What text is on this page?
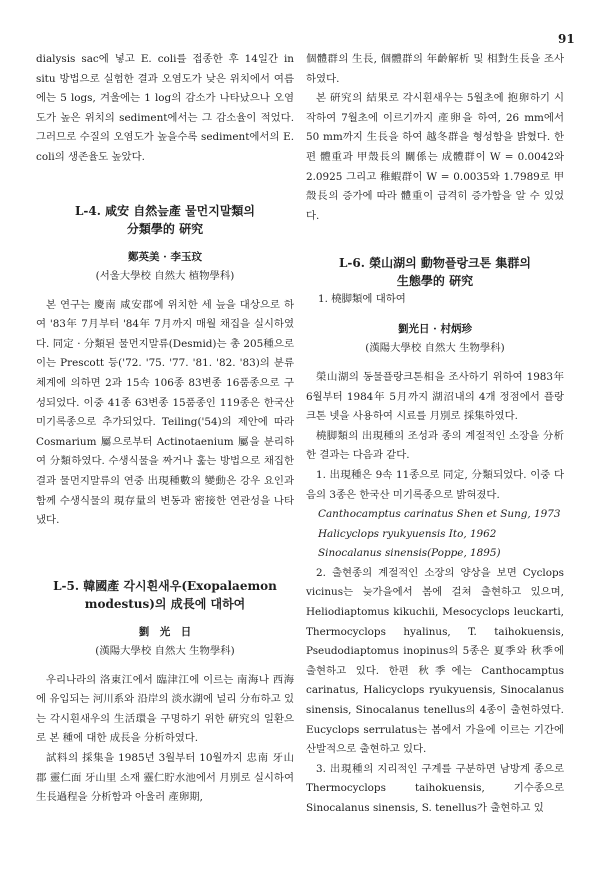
91

dialysis sac에 넣고 E. coli를 접종한 후 14일간 in situ 방법으로 실험한 결과 오염도가 낮은 위치에서 여름에는 5 logs, 겨울에는 1 log의 감소가 나타났으나 오염도가 높은 위치의 sediment에서는 그 감소율이 적었다. 그러므로 수질의 오염도가 높을수록 sediment에서의 E. coli의 생존율도 높았다.

L-4. 咸安 自然늪產 물먼지말類의

分類學的 硏究

鄭英美 · 李玉玟

(서울大學校 自然大 植物學科)

본 연구는 慶南 咸安郡에 위치한 세 늪을 대상으로 하여 '83年 7月부터 '84年 7月까지 매월 채집을 실시하였다. 同定 · 分類된 물먼지말류(Desmid)는 총 205種으로 이는 Prescott 등('72. '75. '77. '81. '82. '83)의 분류체계에 의하면 2과 15속 106종 83변종 16품종으로 구성되었다. 이중 41종 63변종 15품종인 119종은 한국산 미기록종으로 추가되었다. Teiling('54)의 제안에 따라 Cosmarium 屬으로부터 Actinotaenium 屬을 분리하여 分類하였다. 수생식물을 짜거나 훑는 방법으로 채집한 결과 물먼지말류의 연중 出現種數의 變動은 강우 요인과 함께 수생식물의 現存量의 변동과 密接한 연관성을 나타냈다.

L-5. 韓國產 각시흰새우(Exopalaemon

modestus)의 成長에 대하여

劉　光　日

(漢陽大學校 自然大 生物學科)

우리나라의 洛東江에서 臨津江에 이르는 南海나 西海에 유입되는 河川系와 沿岸의 淡水湖에 널리 分布하고 있는 각시흰새우의 生活環을 구명하기 위한 硏究의 일환으로 본 種에 대한 成長을 分析하였다.

試料의 採集을 1985년 3월부터 10월까지 忠南 牙山郡 靈仁面 牙山里 소재 靈仁貯水池에서 月別로 실시하여 生長過程을 分析함과 아울러 產卵期,

個體群의 生長, 個體群의 年齡解析 및 相對生長을 조사하였다.

본 硏究의 結果로 각시흰새우는 5월초에 抱卵하기 시작하여 7월초에 이르기까지 產卵을 하여, 26 mm에서 50 mm까지 生長을 하여 越冬群을 형성함을 밝혔다. 한편 體重과 甲殼長의 關係는 成體群이 W = 0.0042와 2.0925 그리고 稚蝦群이 W = 0.0035와 1.7989로 甲殼長의 증가에 따라 體重이 급격히 증가함을 알 수 있었다.

L-6. 榮山湖의 動物플랑크톤 集群의

生態學的 硏究

1. 橈脚類에 대하여

劉光日 · 村炳珍

(漢陽大學校 自然大 生物學科)

榮山湖의 동물플랑크톤相을 조사하기 위하여 1983年 6월부터 1984年 5月까지 湖沼내의 4개 정점에서 플랑크톤 넷을 사용하여 시료를 月別로 採集하였다.

橈脚類의 出現種의 조성과 종의 계절적인 소장을 分析한 결과는 다음과 같다.

1. 出現種은 9속 11종으로 同定, 分類되었다. 이중 다음의 3종은 한국산 미기록종으로 밝혀졌다.

Canthocamptus carinatus Shen et Sung, 1973

Halicyclops ryukyuensis Ito, 1962

Sinocalanus sinensis(Poppe, 1895)

2. 출현종의 계절적인 소장의 양상을 보면 Cyclops vicinus는 늦가을에서 봄에 걸쳐 출현하고 있으며, Heliodiaptomus kikuchii, Mesocyclops leuckarti, Thermocyclops hyalinus, T. taihokuensis, Pseudodiaptomus inopinus의 5종은 夏季와 秋季에 출현하고 있다. 한편 秋季에는 Canthocamptus carinatus, Halicyclops ryukyuensis, Sinocalanus sinensis, Sinocalanus tenellus의 4종이 출현하였다. Eucyclops serrulatus는 봄에서 가을에 이르는 기간에 산발적으로 출현하고 있다.

3. 出現種의 지리적인 구계를 구분하면 남방계 종으로 Thermocyclops taihokuensis, 기수종으로 Sinocalanus sinensis, S. tenellus가 출현하고 있
